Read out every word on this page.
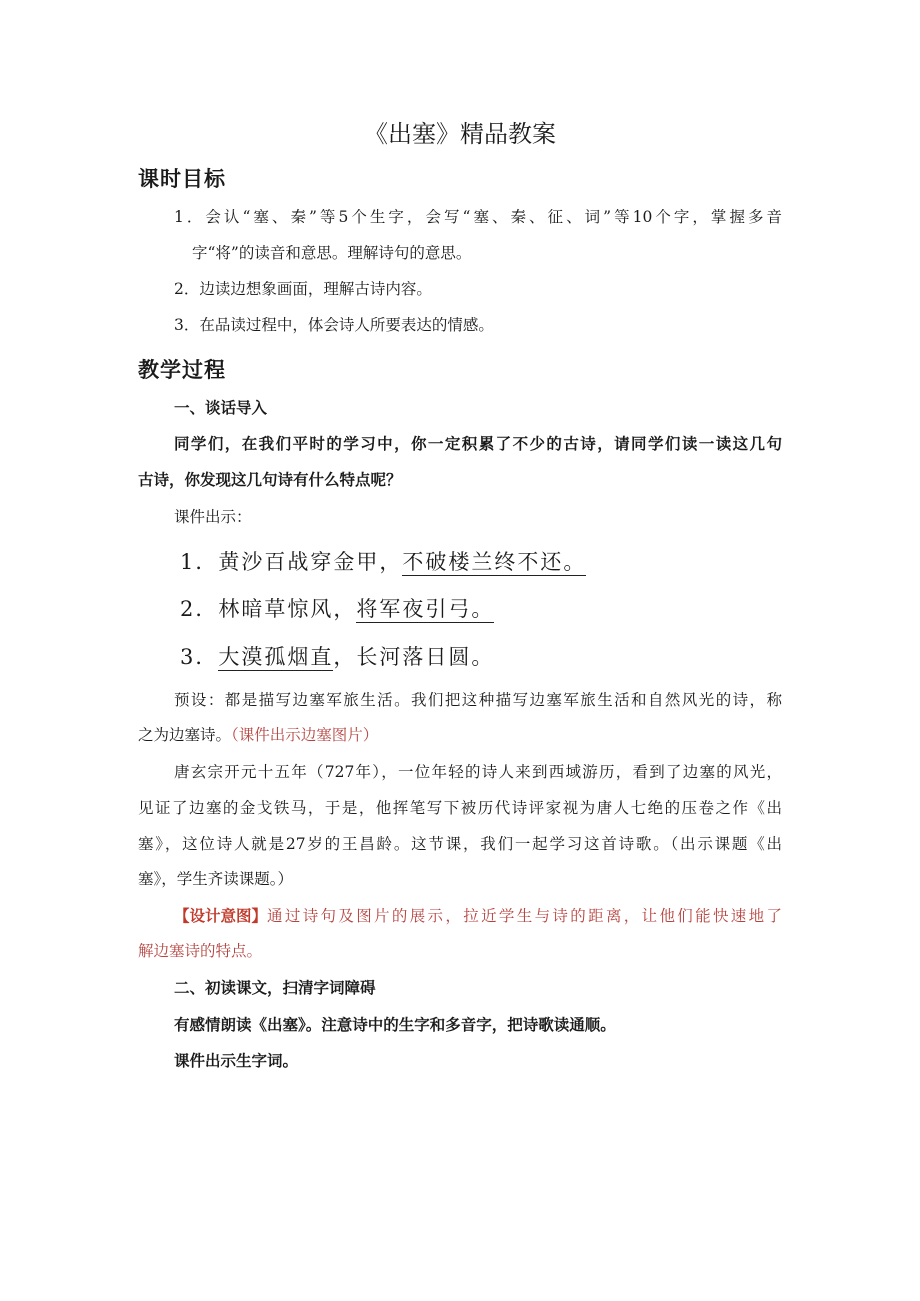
《出塞》精品教案
课时目标
1．会认“塞、秦”等5个生字，会写“塞、秦、征、词”等10个字，掌握多音
字“将”的读音和意思。理解诗句的意思。
2．边读边想象画面，理解古诗内容。
3．在品读过程中，体会诗人所要表达的情感。
教学过程
一、谈话导入
同学们，在我们平时的学习中，你一定积累了不少的古诗，请同学们读一读这几句
古诗，你发现这几句诗有什么特点呢？
课件出示：
1．黄沙百战穿金甲，不破楼兰终不还。
2．林暗草惊风，将军夜引弓。
3．大漠孤烟直，长河落日圆。
预设：都是描写边塞军旅生活。我们把这种描写边塞军旅生活和自然风光的诗，称
之为边塞诗。（课件出示边塞图片）
唐玄宗开元十五年（727年），一位年轻的诗人来到西域游历，看到了边塞的风光，
见证了边塞的金戈铁马，于是，他挥笔写下被历代诗评家视为唐人七绝的压卷之作《出
塞》，这位诗人就是27岁的王昌龄。这节课，我们一起学习这首诗歌。（出示课题《出
塞》，学生齐读课题。）
【设计意图】 通过诗句及图片的展示，拉近学生与诗的距离，让他们能快速地了
解边塞诗的特点。
二、初读课文，扫清字词障碍
有感情朗读《出塞》。注意诗中的生字和多音字，把诗歌读通顺。
课件出示生字词。
